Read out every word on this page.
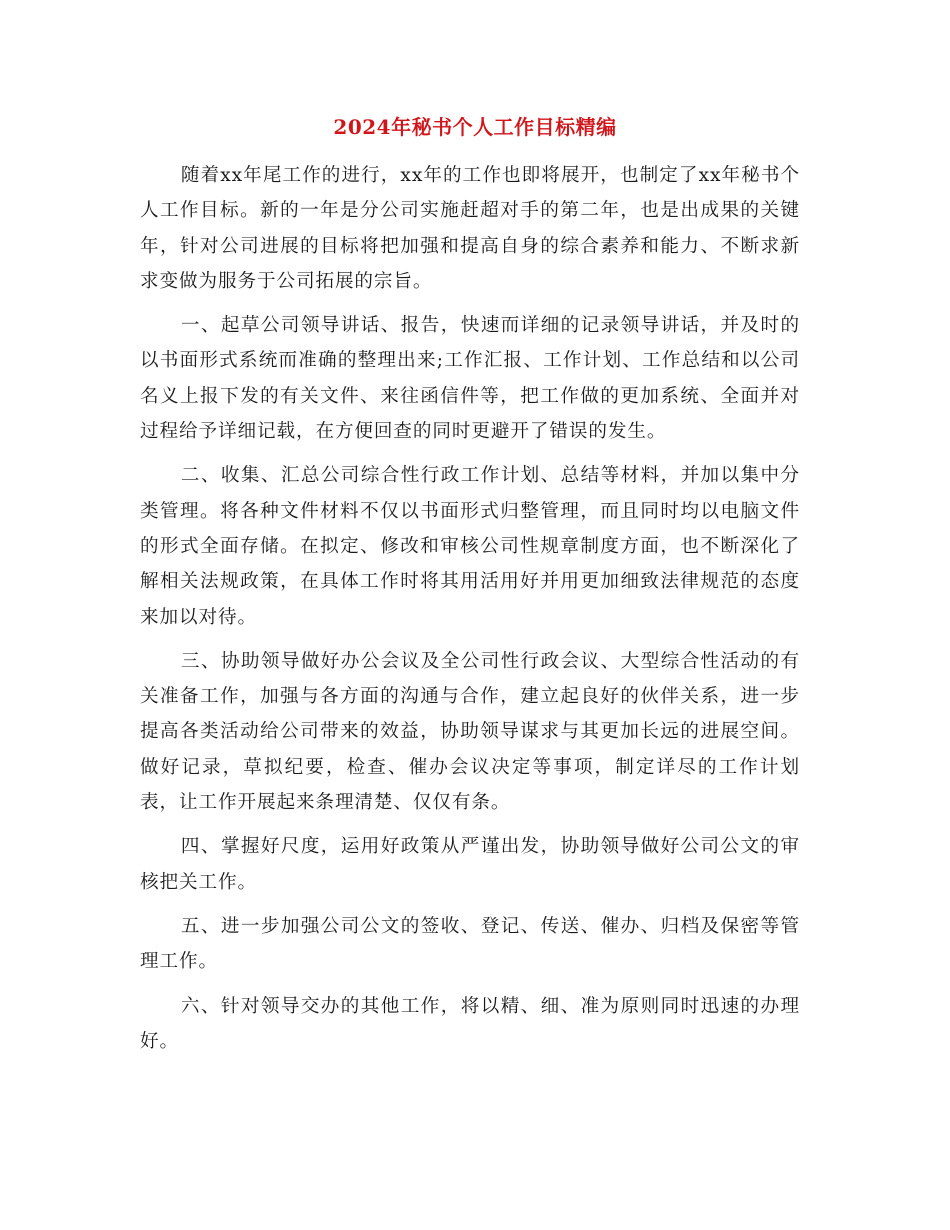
2024年秘书个人工作目标精编

随着xx年尾工作的进行，xx年的工作也即将展开，也制定了xx年秘书个人工作目标。新的一年是分公司实施赶超对手的第二年，也是出成果的关键年，针对公司进展的目标将把加强和提高自身的综合素养和能力、不断求新求变做为服务于公司拓展的宗旨。

一、起草公司领导讲话、报告，快速而详细的记录领导讲话，并及时的以书面形式系统而准确的整理出来;工作汇报、工作计划、工作总结和以公司名义上报下发的有关文件、来往函信件等，把工作做的更加系统、全面并对过程给予详细记载，在方便回查的同时更避开了错误的发生。

二、收集、汇总公司综合性行政工作计划、总结等材料，并加以集中分类管理。将各种文件材料不仅以书面形式归整管理，而且同时均以电脑文件的形式全面存储。在拟定、修改和审核公司性规章制度方面，也不断深化了解相关法规政策，在具体工作时将其用活用好并用更加细致法律规范的态度来加以对待。

三、协助领导做好办公会议及全公司性行政会议、大型综合性活动的有关准备工作，加强与各方面的沟通与合作，建立起良好的伙伴关系，进一步提高各类活动给公司带来的效益，协助领导谋求与其更加长远的进展空间。做好记录，草拟纪要，检查、催办会议决定等事项，制定详尽的工作计划表，让工作开展起来条理清楚、仅仅有条。

四、掌握好尺度，运用好政策从严谨出发，协助领导做好公司公文的审核把关工作。

五、进一步加强公司公文的签收、登记、传送、催办、归档及保密等管理工作。

六、针对领导交办的其他工作，将以精、细、准为原则同时迅速的办理好。
